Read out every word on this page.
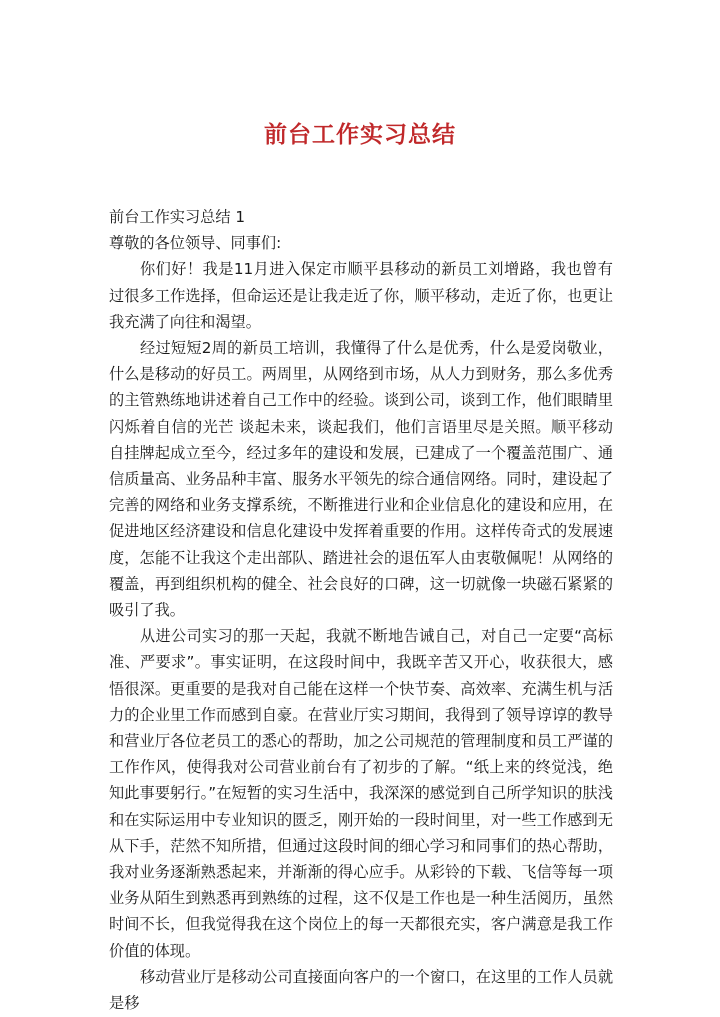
前台工作实习总结

前台工作实习总结 1

尊敬的各位领导、同事们:

你们好！我是11月进入保定市顺平县移动的新员工刘增路，我也曾有过很多工作选择，但命运还是让我走近了你，顺平移动，走近了你，也更让我充满了向往和渴望。

经过短短2周的新员工培训，我懂得了什么是优秀，什么是爱岗敬业，什么是移动的好员工。两周里，从网络到市场，从人力到财务，那么多优秀的主管熟练地讲述着自己工作中的经验。谈到公司，谈到工作，他们眼睛里闪烁着自信的光芒 谈起未来，谈起我们，他们言语里尽是关照。顺平移动自挂牌起成立至今，经过多年的建设和发展，已建成了一个覆盖范围广、通信质量高、业务品种丰富、服务水平领先的综合通信网络。同时，建设起了完善的网络和业务支撑系统，不断推进行业和企业信息化的建设和应用，在促进地区经济建设和信息化建设中发挥着重要的作用。这样传奇式的发展速度，怎能不让我这个走出部队、踏进社会的退伍军人由衷敬佩呢！从网络的覆盖，再到组织机构的健全、社会良好的口碑，这一切就像一块磁石紧紧的吸引了我。

从进公司实习的那一天起，我就不断地告诫自己，对自己一定要“高标准、严要求”。事实证明，在这段时间中，我既辛苦又开心，收获很大，感悟很深。更重要的是我对自己能在这样一个快节奏、高效率、充满生机与活力的企业里工作而感到自豪。在营业厅实习期间，我得到了领导谆谆的教导和营业厅各位老员工的悉心的帮助，加之公司规范的管理制度和员工严谨的工作作风，使得我对公司营业前台有了初步的了解。“纸上来的终觉浅，绝知此事要躬行。”在短暂的实习生活中，我深深的感觉到自己所学知识的肤浅和在实际运用中专业知识的匮乏，刚开始的一段时间里，对一些工作感到无从下手，茫然不知所措，但通过这段时间的细心学习和同事们的热心帮助，我对业务逐渐熟悉起来，并渐渐的得心应手。从彩铃的下载、飞信等每一项业务从陌生到熟悉再到熟练的过程，这不仅是工作也是一种生活阅历，虽然时间不长，但我觉得我在这个岗位上的每一天都很充实，客户满意是我工作价值的体现。

移动营业厅是移动公司直接面向客户的一个窗口，在这里的工作人员就是移
